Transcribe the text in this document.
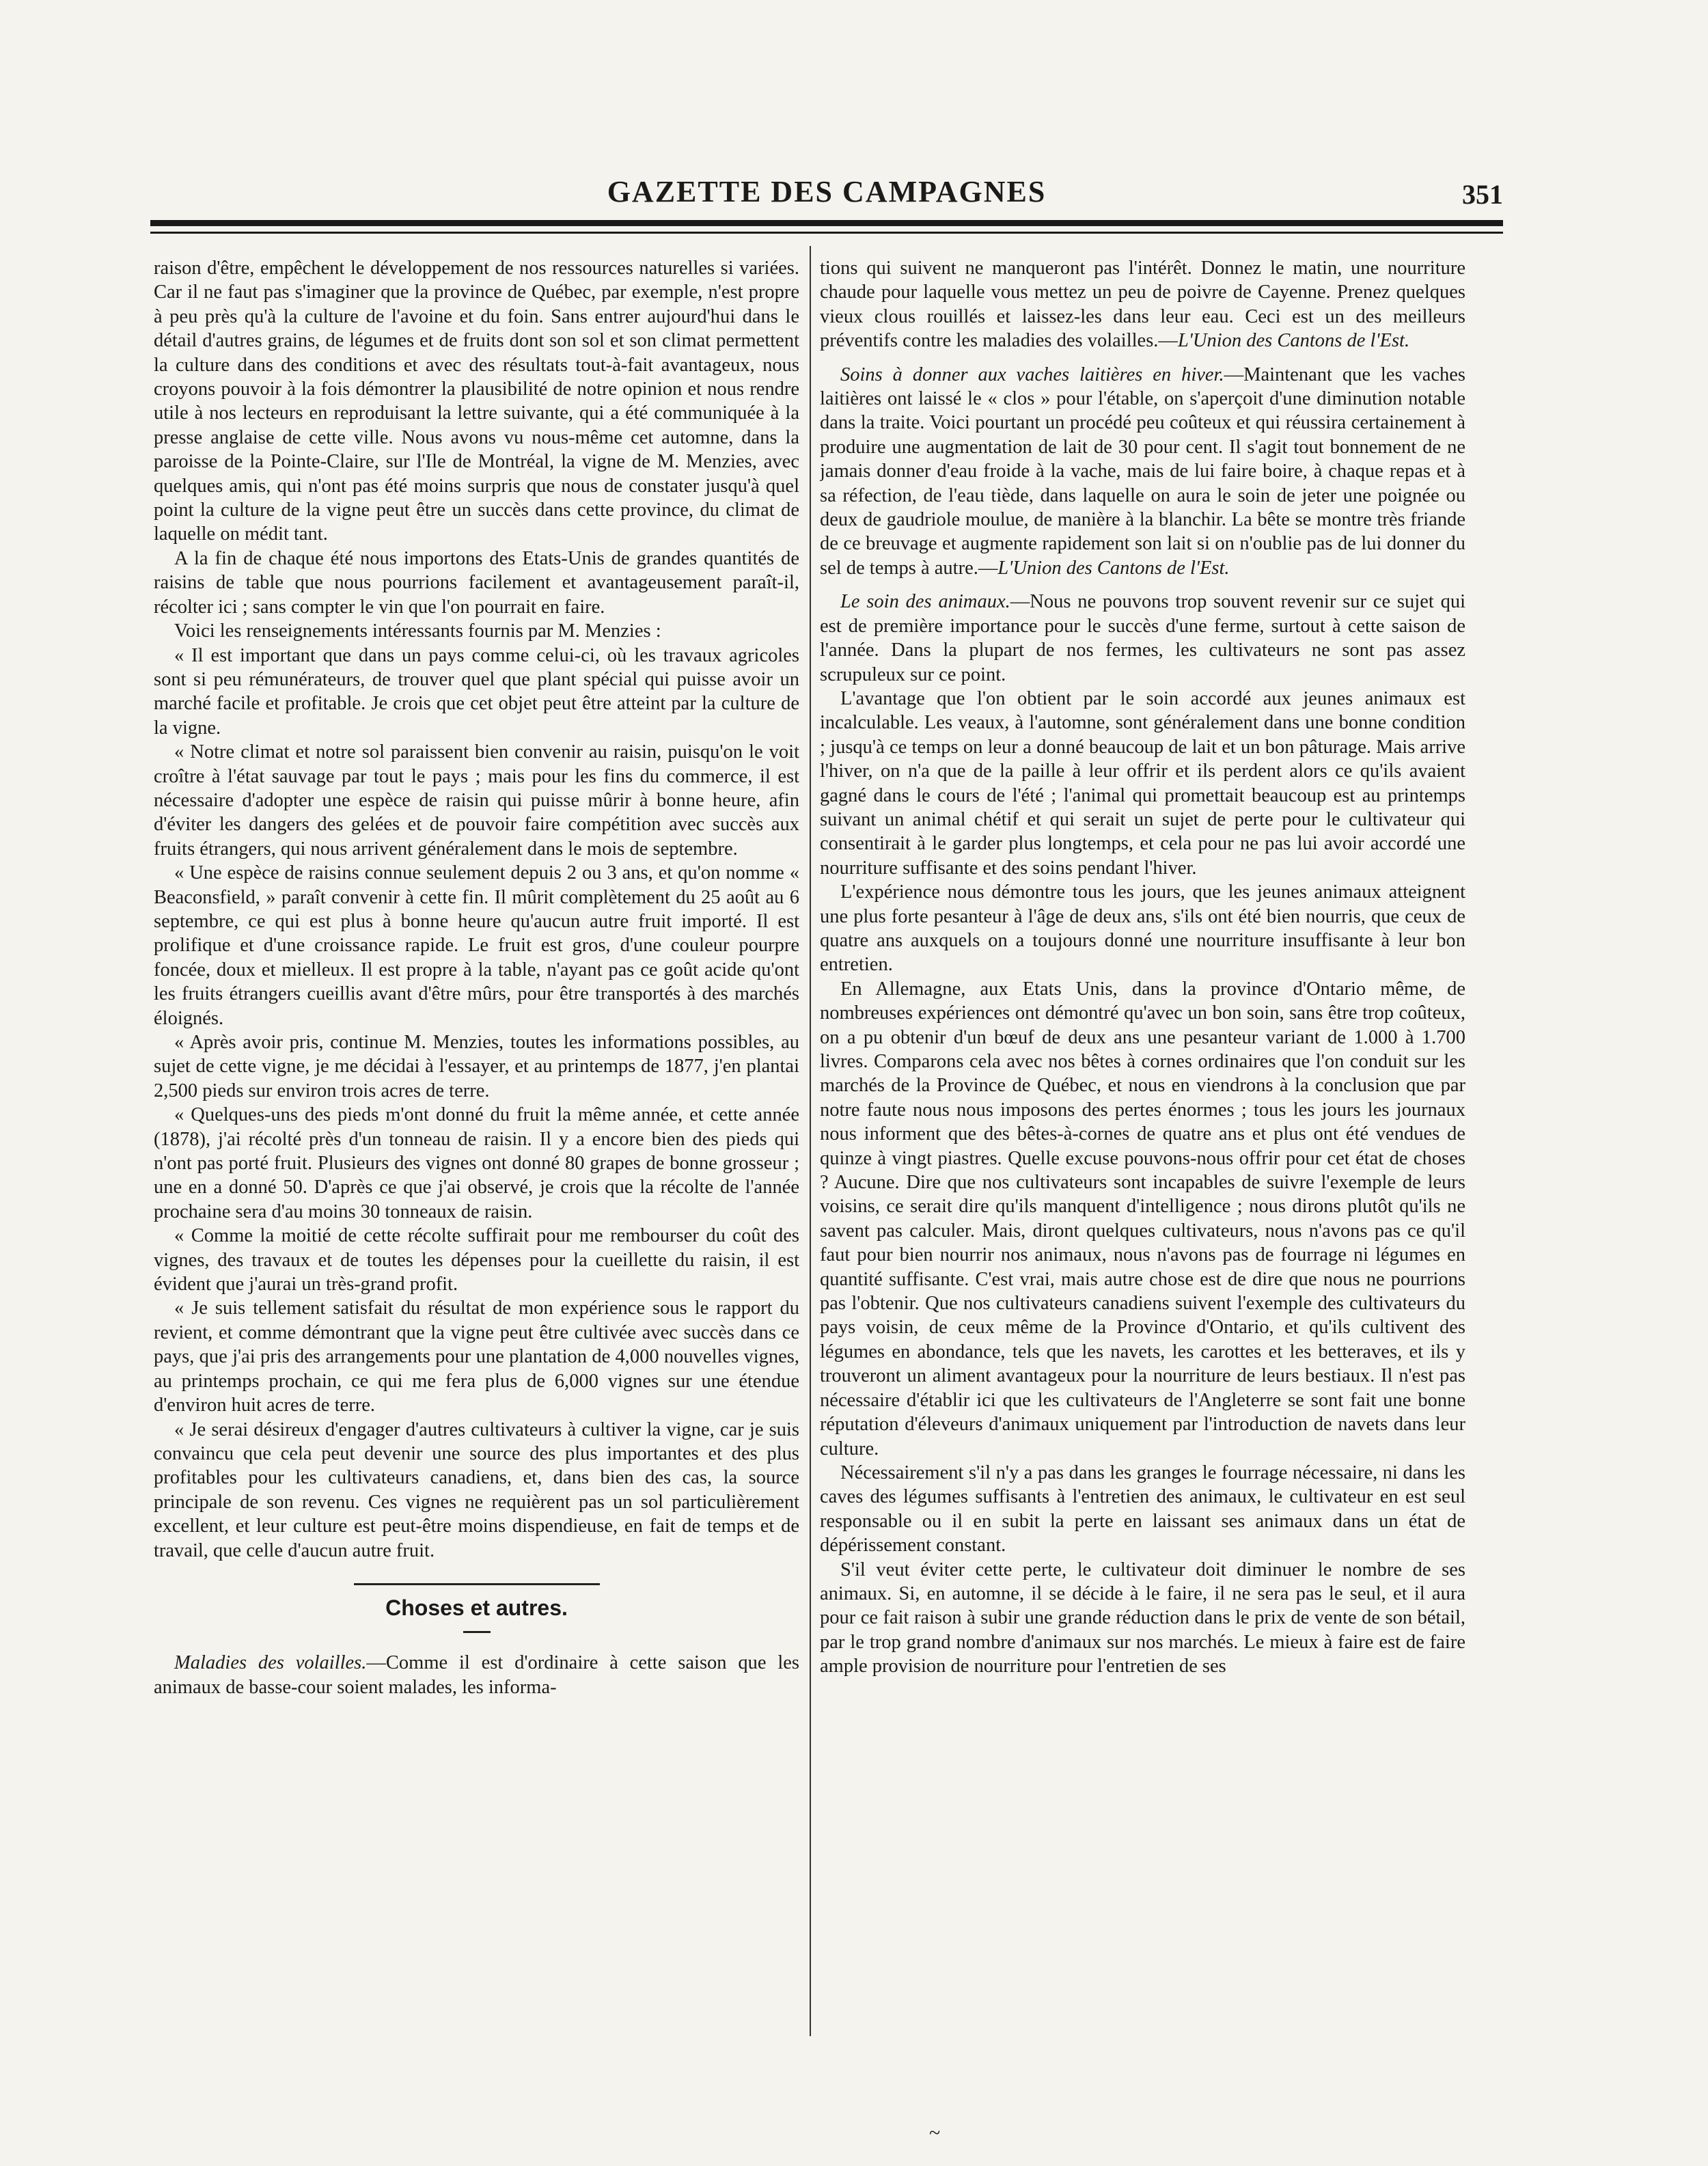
GAZETTE DES CAMPAGNES	351

raison d'être, empêchent le développement de nos ressources naturelles si variées. Car il ne faut pas s'imaginer que la province de Québec, par exemple, n'est propre à peu près qu'à la culture de l'avoine et du foin. Sans entrer aujourd'hui dans le détail d'autres grains, de légumes et de fruits dont son sol et son climat permettent la culture dans des conditions et avec des résultats tout-à-fait avantageux, nous croyons pouvoir à la fois démontrer la plausibilité de notre opinion et nous rendre utile à nos lecteurs en reproduisant la lettre suivante, qui a été communiquée à la presse anglaise de cette ville. Nous avons vu nous-même cet automne, dans la paroisse de la Pointe-Claire, sur l'Ile de Montréal, la vigne de M. Menzies, avec quelques amis, qui n'ont pas été moins surpris que nous de constater jusqu'à quel point la culture de la vigne peut être un succès dans cette province, du climat de laquelle on médit tant.

A la fin de chaque été nous importons des Etats-Unis de grandes quantités de raisins de table que nous pourrions facilement et avantageusement paraît-il, récolter ici ; sans compter le vin que l'on pourrait en faire.

Voici les renseignements intéressants fournis par M. Menzies :

« Il est important que dans un pays comme celui-ci, où les travaux agricoles sont si peu rémunérateurs, de trouver quel que plant spécial qui puisse avoir un marché facile et profitable. Je crois que cet objet peut être atteint par la culture de la vigne.

« Notre climat et notre sol paraissent bien convenir au raisin, puisqu'on le voit croître à l'état sauvage par tout le pays ; mais pour les fins du commerce, il est nécessaire d'adopter une espèce de raisin qui puisse mûrir à bonne heure, afin d'éviter les dangers des gelées et de pouvoir faire compétition avec succès aux fruits étrangers, qui nous arrivent généralement dans le mois de septembre.

« Une espèce de raisins connue seulement depuis 2 ou 3 ans, et qu'on nomme « Beaconsfield, » paraît convenir à cette fin. Il mûrit complètement du 25 août au 6 septembre, ce qui est plus à bonne heure qu'aucun autre fruit importé. Il est prolifique et d'une croissance rapide. Le fruit est gros, d'une couleur pourpre foncée, doux et mielleux. Il est propre à la table, n'ayant pas ce goût acide qu'ont les fruits étrangers cueillis avant d'être mûrs, pour être transportés à des marchés éloignés.

« Après avoir pris, continue M. Menzies, toutes les informations possibles, au sujet de cette vigne, je me décidai à l'essayer, et au printemps de 1877, j'en plantai 2,500 pieds sur environ trois acres de terre.

« Quelques-uns des pieds m'ont donné du fruit la même année, et cette année (1878), j'ai récolté près d'un tonneau de raisin. Il y a encore bien des pieds qui n'ont pas porté fruit. Plusieurs des vignes ont donné 80 grapes de bonne grosseur ; une en a donné 50. D'après ce que j'ai observé, je crois que la récolte de l'année prochaine sera d'au moins 30 tonneaux de raisin.

« Comme la moitié de cette récolte suffirait pour me rembourser du coût des vignes, des travaux et de toutes les dépenses pour la cueillette du raisin, il est évident que j'aurai un très-grand profit.

« Je suis tellement satisfait du résultat de mon expérience sous le rapport du revient, et comme démontrant que la vigne peut être cultivée avec succès dans ce pays, que j'ai pris des arrangements pour une plantation de 4,000 nouvelles vignes, au printemps prochain, ce qui me fera plus de 6,000 vignes sur une étendue d'environ huit acres de terre.

« Je serai désireux d'engager d'autres cultivateurs à cultiver la vigne, car je suis convaincu que cela peut devenir une source des plus importantes et des plus profitables pour les cultivateurs canadiens, et, dans bien des cas, la source principale de son revenu. Ces vignes ne requièrent pas un sol particulièrement excellent, et leur culture est peut-être moins dispendieuse, en fait de temps et de travail, que celle d'aucun autre fruit.

Choses et autres.

Maladies des volailles.—Comme il est d'ordinaire à cette saison que les animaux de basse-cour soient malades, les informa-

tions qui suivent ne manqueront pas l'intérêt. Donnez le matin, une nourriture chaude pour laquelle vous mettez un peu de poivre de Cayenne. Prenez quelques vieux clous rouillés et laissez-les dans leur eau. Ceci est un des meilleurs préventifs contre les maladies des volailles.—L'Union des Cantons de l'Est.

Soins à donner aux vaches laitières en hiver.—Maintenant que les vaches laitières ont laissé le « clos » pour l'étable, on s'aperçoit d'une diminution notable dans la traite. Voici pourtant un procédé peu coûteux et qui réussira certainement à produire une augmentation de lait de 30 pour cent. Il s'agit tout bonnement de ne jamais donner d'eau froide à la vache, mais de lui faire boire, à chaque repas et à sa réfection, de l'eau tiède, dans laquelle on aura le soin de jeter une poignée ou deux de gaudriole moulue, de manière à la blanchir. La bête se montre très friande de ce breuvage et augmente rapidement son lait si on n'oublie pas de lui donner du sel de temps à autre.—L'Union des Cantons de l'Est.

Le soin des animaux.—Nous ne pouvons trop souvent revenir sur ce sujet qui est de première importance pour le succès d'une ferme, surtout à cette saison de l'année. Dans la plupart de nos fermes, les cultivateurs ne sont pas assez scrupuleux sur ce point.

L'avantage que l'on obtient par le soin accordé aux jeunes animaux est incalculable. Les veaux, à l'automne, sont généralement dans une bonne condition ; jusqu'à ce temps on leur a donné beaucoup de lait et un bon pâturage. Mais arrive l'hiver, on n'a que de la paille à leur offrir et ils perdent alors ce qu'ils avaient gagné dans le cours de l'été ; l'animal qui promettait beaucoup est au printemps suivant un animal chétif et qui serait un sujet de perte pour le cultivateur qui consentirait à le garder plus longtemps, et cela pour ne pas lui avoir accordé une nourriture suffisante et des soins pendant l'hiver.

L'expérience nous démontre tous les jours, que les jeunes animaux atteignent une plus forte pesanteur à l'âge de deux ans, s'ils ont été bien nourris, que ceux de quatre ans auxquels on a toujours donné une nourriture insuffisante à leur bon entretien.

En Allemagne, aux Etats Unis, dans la province d'Ontario même, de nombreuses expériences ont démontré qu'avec un bon soin, sans être trop coûteux, on a pu obtenir d'un bœuf de deux ans une pesanteur variant de 1.000 à 1.700 livres. Comparons cela avec nos bêtes à cornes ordinaires que l'on conduit sur les marchés de la Province de Québec, et nous en viendrons à la conclusion que par notre faute nous nous imposons des pertes énormes ; tous les jours les journaux nous informent que des bêtes-à-cornes de quatre ans et plus ont été vendues de quinze à vingt piastres. Quelle excuse pouvons-nous offrir pour cet état de choses ? Aucune. Dire que nos cultivateurs sont incapables de suivre l'exemple de leurs voisins, ce serait dire qu'ils manquent d'intelligence ; nous dirons plutôt qu'ils ne savent pas calculer. Mais, diront quelques cultivateurs, nous n'avons pas ce qu'il faut pour bien nourrir nos animaux, nous n'avons pas de fourrage ni légumes en quantité suffisante. C'est vrai, mais autre chose est de dire que nous ne pourrions pas l'obtenir. Que nos cultivateurs canadiens suivent l'exemple des cultivateurs du pays voisin, de ceux même de la Province d'Ontario, et qu'ils cultivent des légumes en abondance, tels que les navets, les carottes et les betteraves, et ils y trouveront un aliment avantageux pour la nourriture de leurs bestiaux. Il n'est pas nécessaire d'établir ici que les cultivateurs de l'Angleterre se sont fait une bonne réputation d'éleveurs d'animaux uniquement par l'introduction de navets dans leur culture.

Nécessairement s'il n'y a pas dans les granges le fourrage nécessaire, ni dans les caves des légumes suffisants à l'entretien des animaux, le cultivateur en est seul responsable ou il en subit la perte en laissant ses animaux dans un état de dépérissement constant.

S'il veut éviter cette perte, le cultivateur doit diminuer le nombre de ses animaux. Si, en automne, il se décide à le faire, il ne sera pas le seul, et il aura pour ce fait raison à subir une grande réduction dans le prix de vente de son bétail, par le trop grand nombre d'animaux sur nos marchés. Le mieux à faire est de faire ample provision de nourriture pour l'entretien de ses

~
